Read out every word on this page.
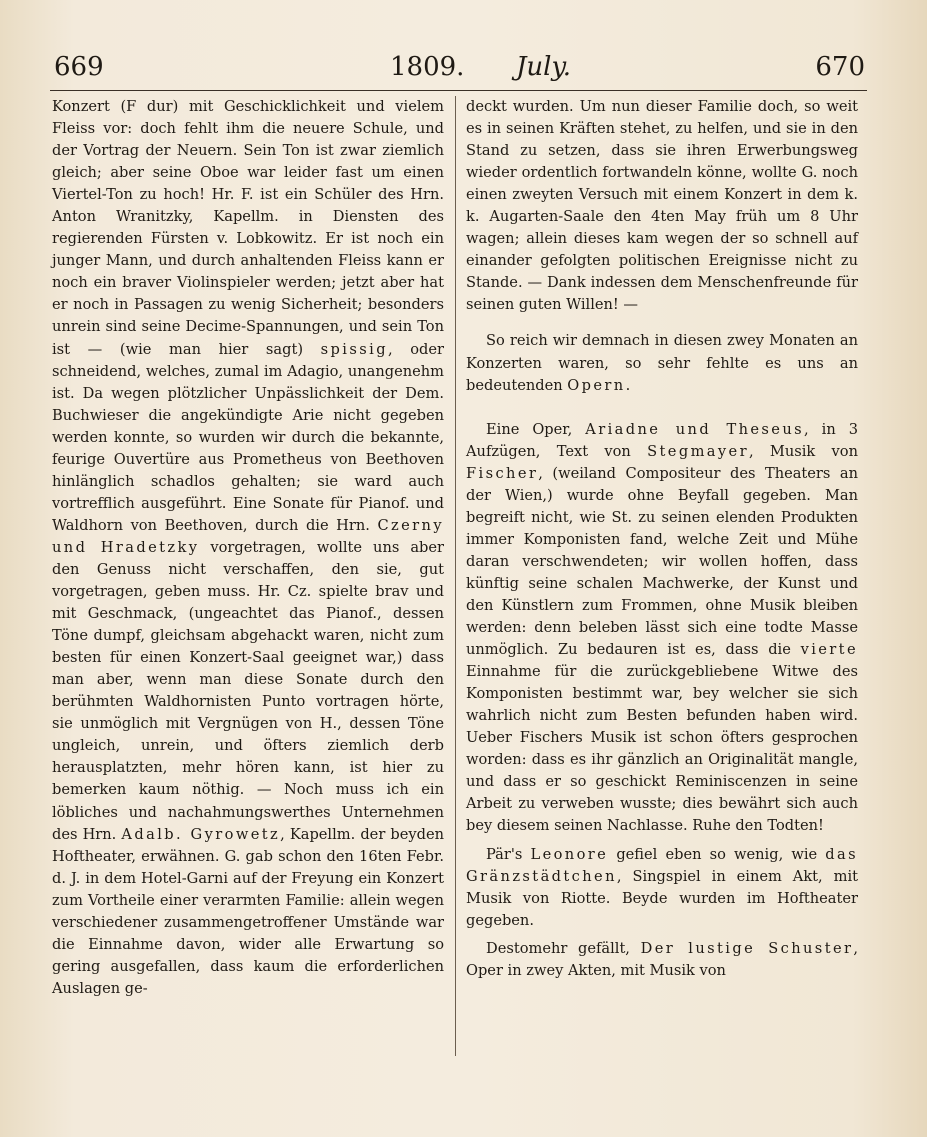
669	1809. July.	670

Konzert (F dur) mit Geschicklichkeit und vielem Fleiss vor: doch fehlt ihm die neuere Schule, und der Vortrag der Neuern. Sein Ton ist zwar ziemlich gleich; aber seine Oboe war leider fast um einen Viertel-Ton zu hoch! Hr. F. ist ein Schüler des Hrn. Anton Wranitzky, Kapellm. in Diensten des regierenden Fürsten v. Lobkowitz. Er ist noch ein junger Mann, und durch anhaltenden Fleiss kann er noch ein braver Violinspieler werden; jetzt aber hat er noch in Passagen zu wenig Sicherheit; besonders unrein sind seine Decime-Spannungen, und sein Ton ist — (wie man hier sagt) spissig, oder schneidend, welches, zumal im Adagio, unangenehm ist. Da wegen plötzlicher Unpässlichkeit der Dem. Buchwieser die angekündigte Arie nicht gegeben werden konnte, so wurden wir durch die bekannte, feurige Ouvertüre aus Prometheus von Beethoven hinlänglich schadlos gehalten; sie ward auch vortrefflich ausgeführt. Eine Sonate für Pianof. und Waldhorn von Beethoven, durch die Hrn. Czerny und Hradetzky vorgetragen, wollte uns aber den Genuss nicht verschaffen, den sie, gut vorgetragen, geben muss. Hr. Cz. spielte brav und mit Geschmack, (ungeachtet das Pianof., dessen Töne dumpf, gleichsam abgehackt waren, nicht zum besten für einen Konzert-Saal geeignet war,) dass man aber, wenn man diese Sonate durch den berühmten Waldhornisten Punto vortragen hörte, sie unmöglich mit Vergnügen von H., dessen Töne ungleich, unrein, und öfters ziemlich derb herausplatzten, mehr hören kann, ist hier zu bemerken kaum nöthig. — Noch muss ich ein löbliches und nachahmungswerthes Unternehmen des Hrn. Adalb. Gyrowetz, Kapellm. der beyden Hoftheater, erwähnen. G. gab schon den 16ten Febr. d. J. in dem Hotel-Garni auf der Freyung ein Konzert zum Vortheile einer verarmten Familie: allein wegen verschiedener zusammengetroffener Umstände war die Einnahme davon, wider alle Erwartung so gering ausgefallen, dass kaum die erforderlichen Auslagen ge-

deckt wurden. Um nun dieser Familie doch, so weit es in seinen Kräften stehet, zu helfen, und sie in den Stand zu setzen, dass sie ihren Erwerbungsweg wieder ordentlich fortwandeln könne, wollte G. noch einen zweyten Versuch mit einem Konzert in dem k. k. Augarten-Saale den 4ten May früh um 8 Uhr wagen; allein dieses kam wegen der so schnell auf einander gefolgten politischen Ereignisse nicht zu Stande. — Dank indessen dem Menschenfreunde für seinen guten Willen! —

So reich wir demnach in diesen zwey Monaten an Konzerten waren, so sehr fehlte es uns an bedeutenden Opern.

Eine Oper, Ariadne und Theseus, in 3 Aufzügen, Text von Stegmayer, Musik von Fischer, (weiland Compositeur des Theaters an der Wien,) wurde ohne Beyfall gegeben. Man begreift nicht, wie St. zu seinen elenden Produkten immer Komponisten fand, welche Zeit und Mühe daran verschwendeten; wir wollen hoffen, dass künftig seine schalen Machwerke, der Kunst und den Künstlern zum Frommen, ohne Musik bleiben werden: denn beleben lässt sich eine todte Masse unmöglich. Zu bedauren ist es, dass die vierte Einnahme für die zurückgebliebene Witwe des Komponisten bestimmt war, bey welcher sie sich wahrlich nicht zum Besten befunden haben wird. Ueber Fischers Musik ist schon öfters gesprochen worden: dass es ihr gänzlich an Originalität mangle, und dass er so geschickt Reminiscenzen in seine Arbeit zu verweben wusste; dies bewährt sich auch bey diesem seinen Nachlasse. Ruhe den Todten!

Pär's Leonore gefiel eben so wenig, wie das Gränzstädtchen, Singspiel in einem Akt, mit Musik von Riotte. Beyde wurden im Hoftheater gegeben.

Destomehr gefällt, Der lustige Schuster, Oper in zwey Akten, mit Musik von
